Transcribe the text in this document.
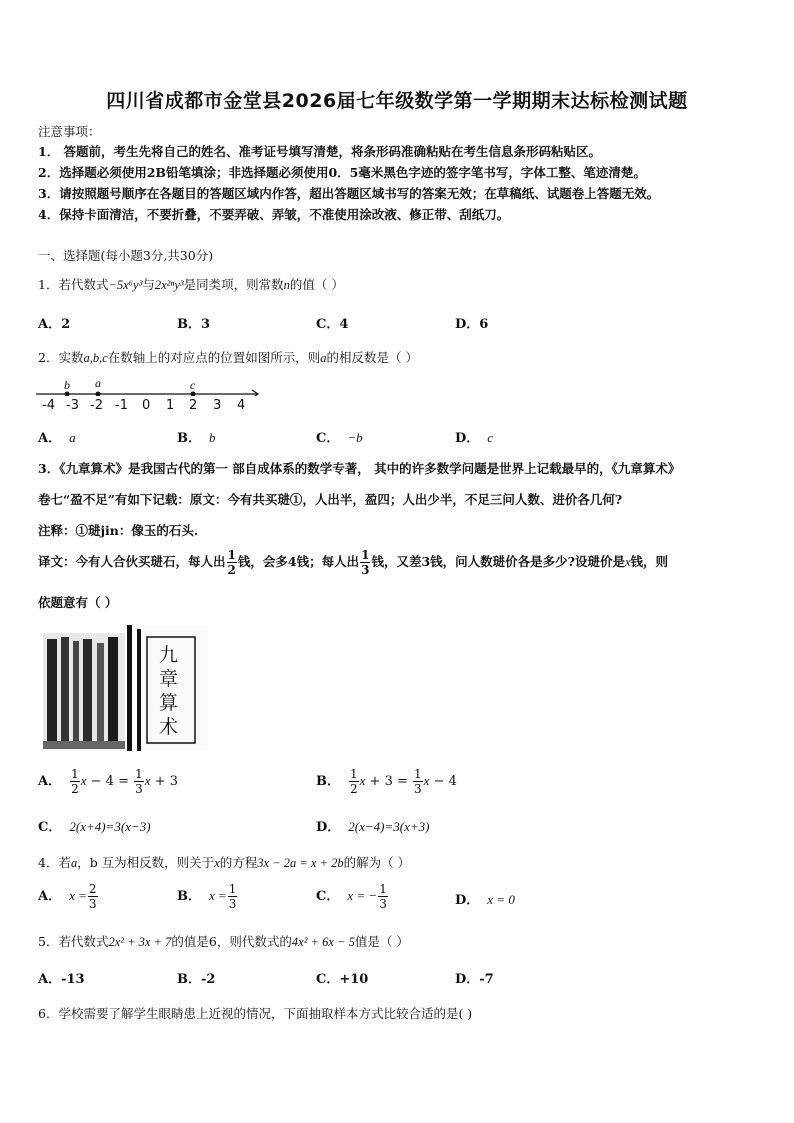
四川省成都市金堂县2026届七年级数学第一学期期末达标检测试题
注意事项：
1． 答题前，考生先将自己的姓名、准考证号填写清楚，将条形码准确粘贴在考生信息条形码粘贴区。
2．选择题必须使用2B铅笔填涂；非选择题必须使用0．5毫米黑色字迹的签字笔书写，字体工整、笔迹清楚。
3．请按照题号顺序在各题目的答题区域内作答，超出答题区域书写的答案无效；在草稿纸、试题卷上答题无效。
4．保持卡面清洁，不要折叠，不要弄破、弄皱，不准使用涂改液、修正带、刮纸刀。
一、选择题(每小题3分,共30分)
1．若代数式−5x⁶y³与2x²ⁿy³是同类项，则常数n的值（ ）
A．2	B．3	C．4	D．6
2．实数a,b,c在数轴上的对应点的位置如图所示，则a的相反数是（ ）
b a	c
-4 -3 -2 -1 0 1 2 3 4
A． a	B． b	C． −b	D． c
3．《九章算术》是我国古代的第一 部自成体系的数学专著， 其中的许多数学问题是世界上记载最早的，《九章算术》
卷七“盈不足”有如下记载：原文：今有共买琎①，人出半，盈四；人出少半，不足三问人数、进价各几何?
注释：①琎jin：像玉的石头.
译文：今有人合伙买琎石，每人出 $\frac{1}{2}$ 钱，会多4钱；每人出 $\frac{1}{3}$ 钱，又差3钱，问人数琎价各是多少?设琎价是x钱，则
依题意有（ ）
九
章
算
术
A． $\frac{1}{2}$ $x - 4 = \frac{1}{3}$ x + 3	B． $\frac{1}{2}$ $x + 3 = \frac{1}{3}$ x − 4
C． 2(x+4)=3(x−3)	D． 2(x−4)=3(x+3)
4．若a，b 互为相反数，则关于x的方程3x − 2a = x + 2b的解为（ ）
A． $x = \frac{2}{3}$	B． $x = \frac{1}{3}$	C． x = − $\frac{1}{3}$	D． x = 0
5．若代数式2x² + 3x + 7的值是6，则代数式的4x² + 6x − 5值是（ ）
A．-13	B．-2	C．+10	D．-7
6．学校需要了解学生眼睛患上近视的情况，下面抽取样本方式比较合适的是( )
